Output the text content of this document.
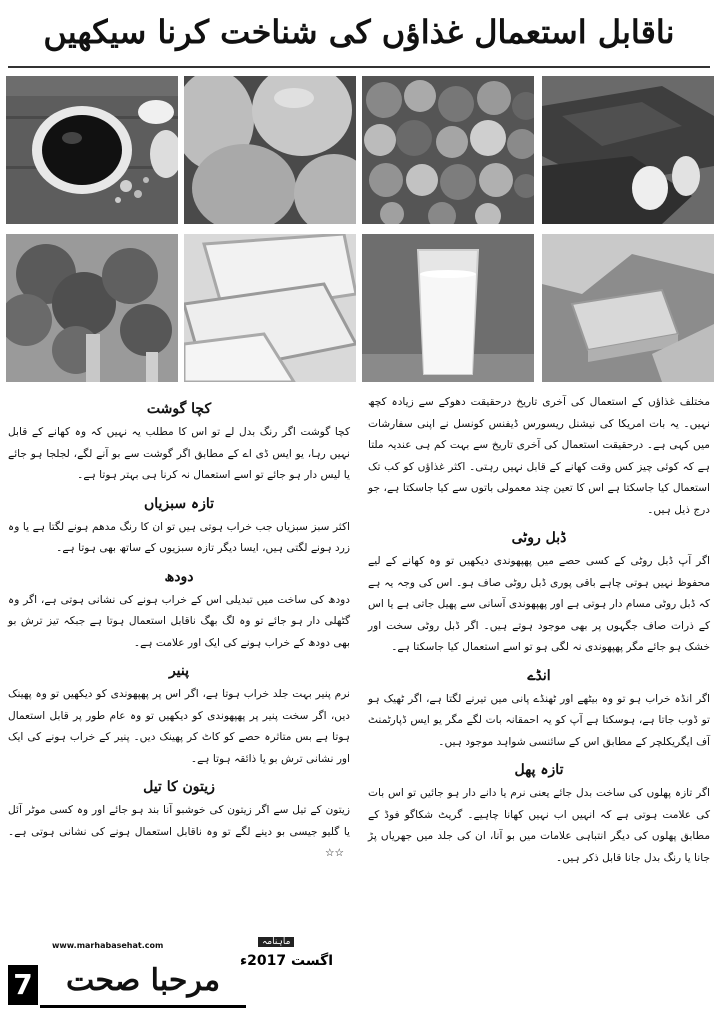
ناقابل استعمال غذاؤں کی شناخت کرنا سیکھیں

مختلف غذاؤں کے استعمال کی آخری تاریخ درحقیقت دھوکے سے زیادہ کچھ نہیں۔ یہ بات امریکا کی نیشنل ریسورس ڈیفنس کونسل نے اپنی سفارشات میں کہی ہے۔ درحقیقت استعمال کی آخری تاریخ سے بہت کم ہی عندیہ ملتا ہے کہ کوئی چیز کس وقت کھانے کے قابل نہیں رہتی۔ اکثر غذاؤں کو کب تک استعمال کیا جاسکتا ہے اس کا تعین چند معمولی باتوں سے کیا جاسکتا ہے، جو درج ذیل ہیں۔

ڈبل روٹی

اگر آپ ڈبل روٹی کے کسی حصے میں پھپھوندی دیکھیں تو وہ کھانے کے لیے محفوظ نہیں ہوتی چاہے باقی پوری ڈبل روٹی صاف ہو۔ اس کی وجہ یہ ہے کہ ڈبل روٹی مسام دار ہوتی ہے اور پھپھوندی آسانی سے پھیل جاتی ہے یا اس کے ذرات صاف جگہوں پر بھی موجود ہوتے ہیں۔ اگر ڈبل روٹی سخت اور خشک ہو جائے مگر پھپھوندی نہ لگی ہو تو اسے استعمال کیا جاسکتا ہے۔

انڈے

اگر انڈہ خراب ہو تو وہ بیٹھے اور ٹھنڈے پانی میں تیرنے لگتا ہے، اگر ٹھیک ہو تو ڈوب جاتا ہے، ہوسکتا ہے آپ کو یہ احمقانہ بات لگے مگر یو ایس ڈپارٹمنٹ آف ایگریکلچر کے مطابق اس کے سائنسی شواہد موجود ہیں۔

تازہ پھل

اگر تازہ پھلوں کی ساخت بدل جائے یعنی نرم یا دانے دار ہو جائیں تو اس بات کی علامت ہوتی ہے کہ انہیں اب نہیں کھانا چاہیے۔ گریٹ شکاگو فوڈ کے مطابق پھلوں کی دیگر انتباہی علامات میں بو آنا، ان کی جلد میں جھریاں پڑ جانا یا رنگ بدل جانا قابل ذکر ہیں۔

کچا گوشت

کچا گوشت اگر رنگ بدل لے تو اس کا مطلب یہ نہیں کہ وہ کھانے کے قابل نہیں رہا، یو ایس ڈی اے کے مطابق اگر گوشت سے بو آنے لگے، لجلجا ہو جائے یا لیس دار ہو جائے تو اسے استعمال نہ کرنا ہی بہتر ہوتا ہے۔

تازہ سبزیاں

اکثر سبز سبزیاں جب خراب ہوتی ہیں تو ان کا رنگ مدھم ہونے لگتا ہے یا وہ زرد ہونے لگتی ہیں، ایسا دیگر تازہ سبزیوں کے ساتھ بھی ہوتا ہے۔

دودھ

دودھ کی ساخت میں تبدیلی اس کے خراب ہونے کی نشانی ہوتی ہے، اگر وہ گٹھلی دار ہو جائے تو وہ لگ بھگ ناقابل استعمال ہوتا ہے جبکہ تیز ترش بو بھی دودھ کے خراب ہونے کی ایک اور علامت ہے۔

پنیر

نرم پنیر بہت جلد خراب ہوتا ہے، اگر اس پر پھپھوندی کو دیکھیں تو وہ پھینک دیں، اگر سخت پنیر پر پھپھوندی کو دیکھیں تو وہ عام طور پر قابل استعمال ہوتا ہے بس متاثرہ حصے کو کاٹ کر پھینک دیں۔ پنیر کے خراب ہونے کی ایک اور نشانی ترش بو یا ذائقہ ہوتا ہے۔

زیتون کا تیل

زیتون کے تیل سے اگر زیتون کی خوشبو آنا بند ہو جائے اور وہ کسی موٹر آئل یا گلیو جیسی بو دینے لگے تو وہ ناقابل استعمال ہونے کی نشانی ہوتی ہے۔☆☆

www.marhabasehat.com	ماہنامہ
اگست 2017ء
مرحبا صحت
7
